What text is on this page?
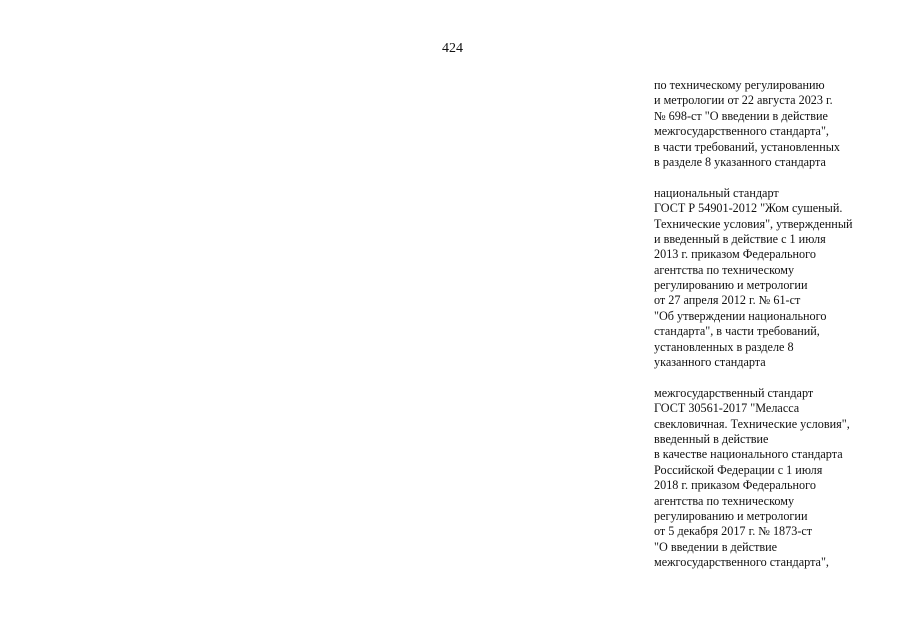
424
по техническому регулированию
и метрологии от 22 августа 2023 г.
№ 698-ст "О введении в действие
межгосударственного стандарта",
в части требований, установленных
в разделе 8 указанного стандарта
национальный стандарт
ГОСТ Р 54901-2012 "Жом сушеный.
Технические условия", утвержденный
и введенный в действие с 1 июля
2013 г. приказом Федерального
агентства по техническому
регулированию и метрологии
от 27 апреля 2012 г. № 61-ст
"Об утверждении национального
стандарта", в части требований,
установленных в разделе 8
указанного стандарта
межгосударственный стандарт
ГОСТ 30561-2017 "Меласса
свекловичная. Технические условия",
введенный в действие
в качестве национального стандарта
Российской Федерации с 1 июля
2018 г. приказом Федерального
агентства по техническому
регулированию и метрологии
от 5 декабря 2017 г. № 1873-ст
"О введении в действие
межгосударственного стандарта",
